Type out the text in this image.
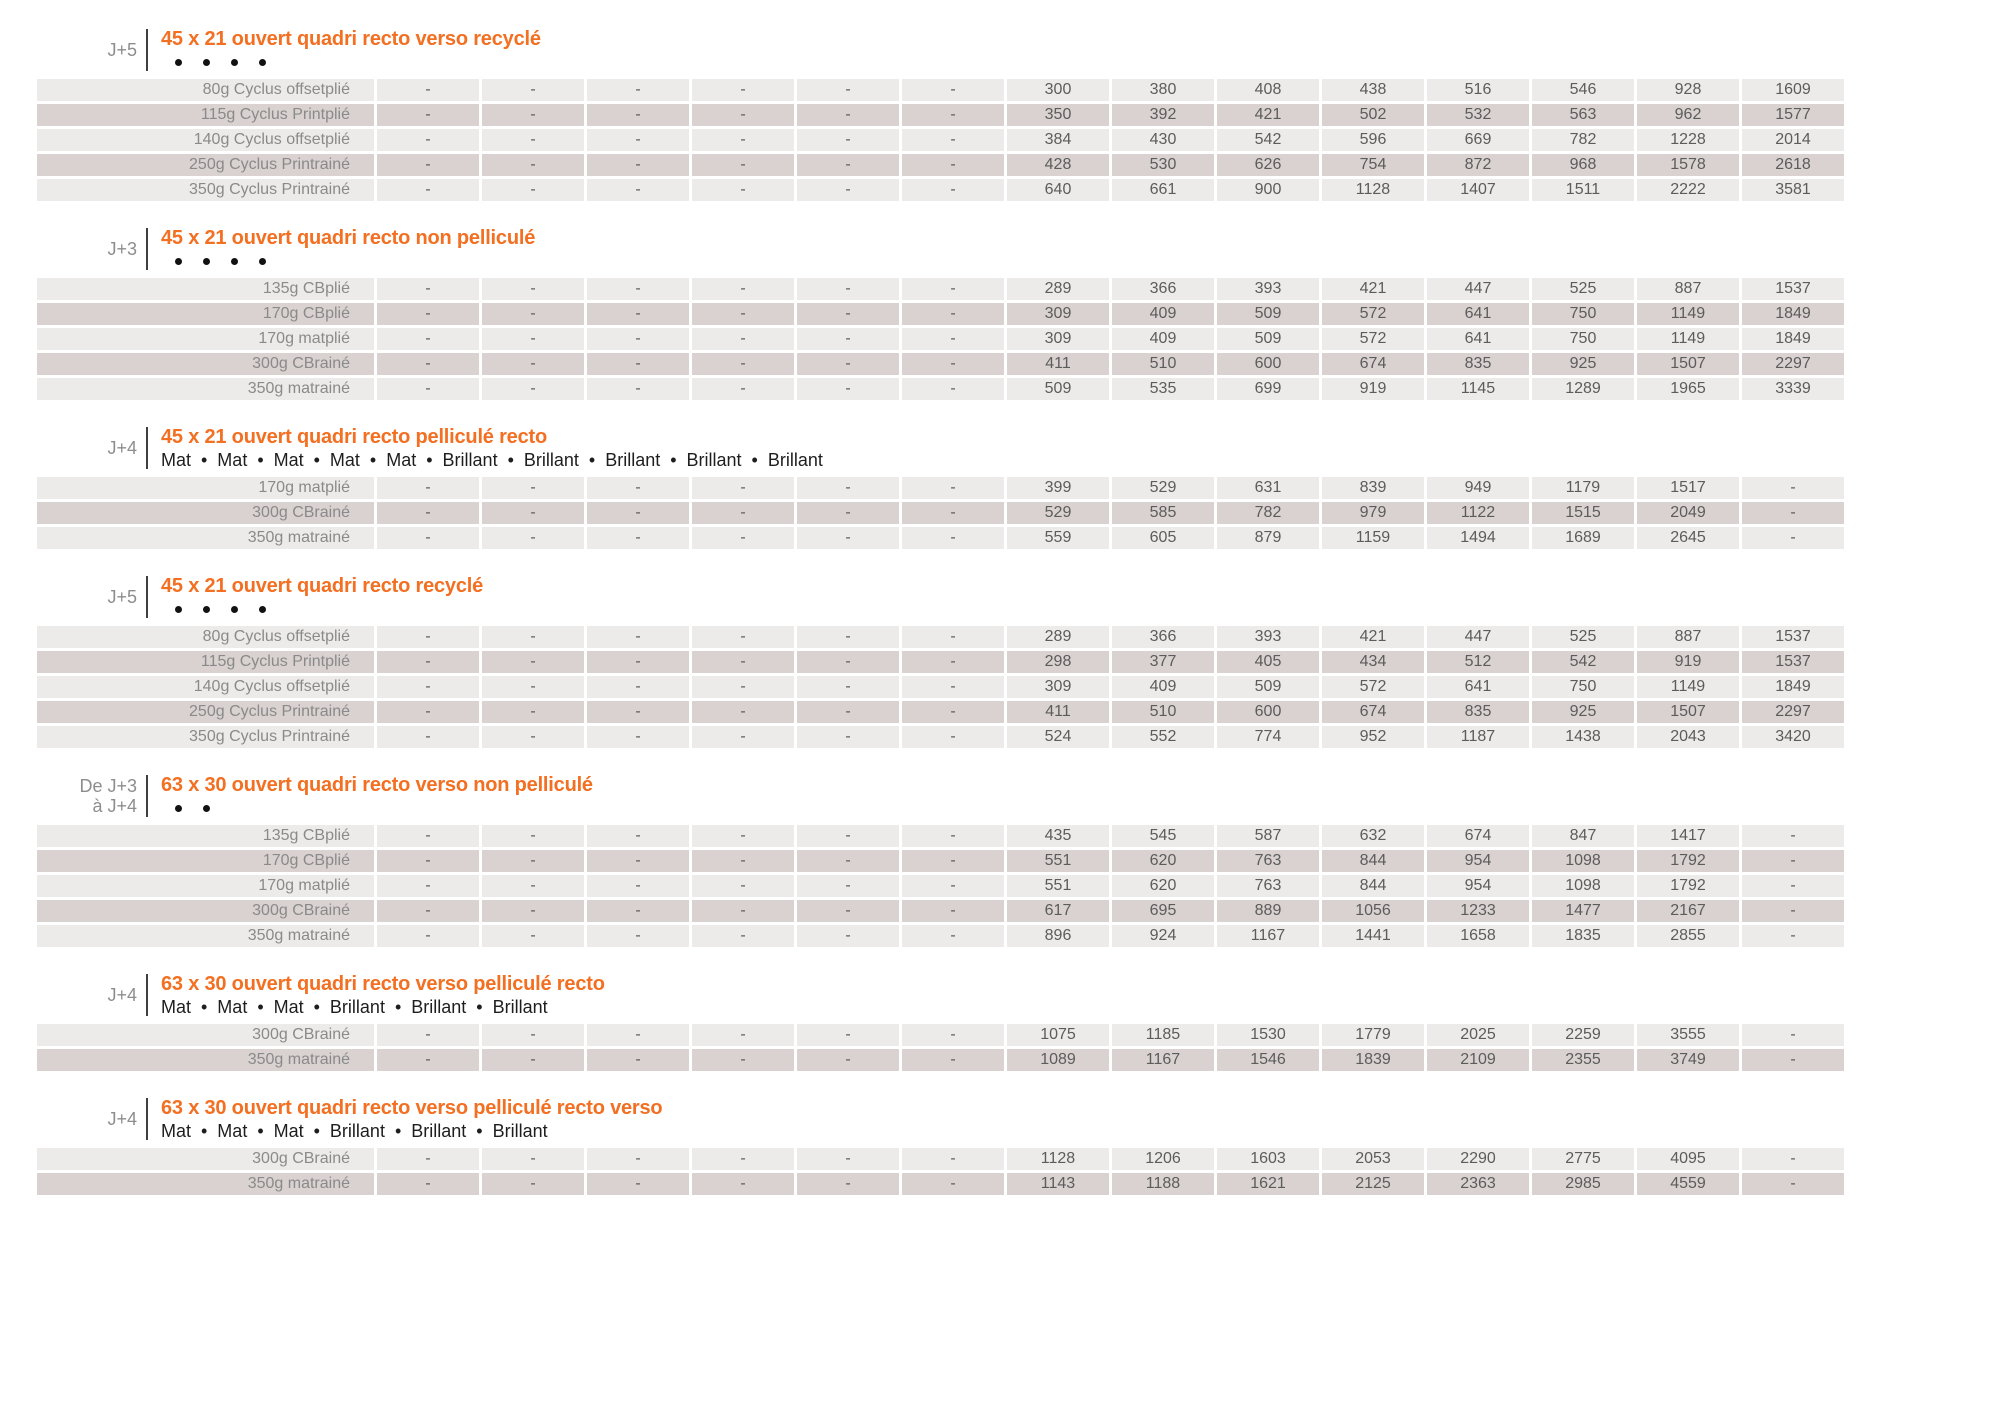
J+5 45 x 21 ouvert quadri recto verso recyclé
80g Cyclus offsetplié	-	-	-	-	-	-	300	380	408	438	516	546	928	1609
115g Cyclus Printplié	-	-	-	-	-	-	350	392	421	502	532	563	962	1577
140g Cyclus offsetplié	-	-	-	-	-	-	384	430	542	596	669	782	1228	2014
250g Cyclus Printrainé	-	-	-	-	-	-	428	530	626	754	872	968	1578	2618
350g Cyclus Printrainé	-	-	-	-	-	-	640	661	900	1128	1407	1511	2222	3581
J+3 45 x 21 ouvert quadri recto non pelliculé
135g CBplié	-	-	-	-	-	-	289	366	393	421	447	525	887	1537
170g CBplié	-	-	-	-	-	-	309	409	509	572	641	750	1149	1849
170g matplié	-	-	-	-	-	-	309	409	509	572	641	750	1149	1849
300g CBrainé	-	-	-	-	-	-	411	510	600	674	835	925	1507	2297
350g matrainé	-	-	-	-	-	-	509	535	699	919	1145	1289	1965	3339
J+4 45 x 21 ouvert quadri recto pelliculé recto
Mat • Mat • Mat • Mat • Mat • Brillant • Brillant • Brillant • Brillant • Brillant
170g matplié	-	-	-	-	-	-	399	529	631	839	949	1179	1517	-
300g CBrainé	-	-	-	-	-	-	529	585	782	979	1122	1515	2049	-
350g matrainé	-	-	-	-	-	-	559	605	879	1159	1494	1689	2645	-
J+5 45 x 21 ouvert quadri recto recyclé
80g Cyclus offsetplié	-	-	-	-	-	-	289	366	393	421	447	525	887	1537
115g Cyclus Printplié	-	-	-	-	-	-	298	377	405	434	512	542	919	1537
140g Cyclus offsetplié	-	-	-	-	-	-	309	409	509	572	641	750	1149	1849
250g Cyclus Printrainé	-	-	-	-	-	-	411	510	600	674	835	925	1507	2297
350g Cyclus Printrainé	-	-	-	-	-	-	524	552	774	952	1187	1438	2043	3420
De J+3
à J+4
63 x 30 ouvert quadri recto verso non pelliculé
135g CBplié	-	-	-	-	-	-	435	545	587	632	674	847	1417	-
170g CBplié	-	-	-	-	-	-	551	620	763	844	954	1098	1792	-
170g matplié	-	-	-	-	-	-	551	620	763	844	954	1098	1792	-
300g CBrainé	-	-	-	-	-	-	617	695	889	1056	1233	1477	2167	-
350g matrainé	-	-	-	-	-	-	896	924	1167	1441	1658	1835	2855	-
J+4 63 x 30 ouvert quadri recto verso pelliculé recto
Mat • Mat • Mat • Brillant • Brillant • Brillant
300g CBrainé	-	-	-	-	-	-	1075	1185	1530	1779	2025	2259	3555	-
350g matrainé	-	-	-	-	-	-	1089	1167	1546	1839	2109	2355	3749	-
J+4 63 x 30 ouvert quadri recto verso pelliculé recto verso
Mat • Mat • Mat • Brillant • Brillant • Brillant
300g CBrainé	-	-	-	-	-	-	1128	1206	1603	2053	2290	2775	4095	-
350g matrainé	-	-	-	-	-	-	1143	1188	1621	2125	2363	2985	4559	-
